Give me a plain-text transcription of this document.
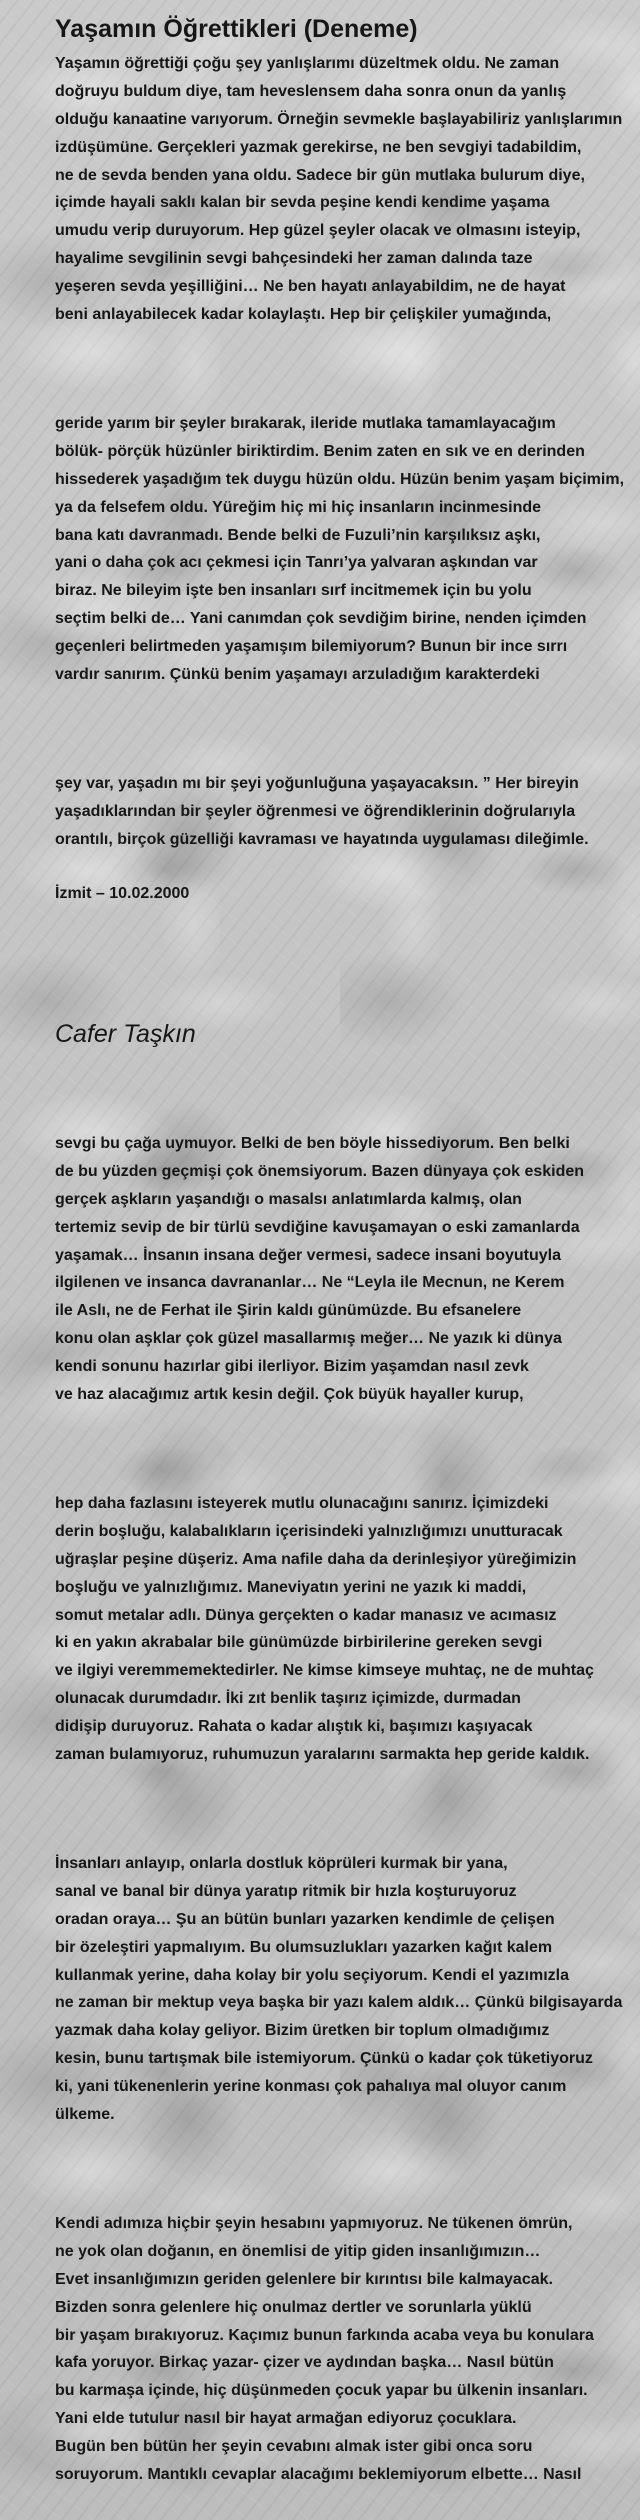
Yaşamın Öğrettikleri (Deneme)
Yaşamın öğrettiği çoğu şey yanlışlarımı düzeltmek oldu. Ne zaman
doğruyu buldum diye, tam heveslensem daha sonra onun da yanlış
olduğu kanaatine varıyorum. Örneğin sevmekle başlayabiliriz yanlışlarımın
izdüşümüne. Gerçekleri yazmak gerekirse, ne ben sevgiyi tadabildim,
ne de sevda benden yana oldu. Sadece bir gün mutlaka bulurum diye,
içimde hayali saklı kalan bir sevda peşine kendi kendime yaşama
umudu verip duruyorum. Hep güzel şeyler olacak ve olmasını isteyip,
hayalime sevgilinin sevgi bahçesindeki her zaman dalında taze
yeşeren sevda yeşilliğini… Ne ben hayatı anlayabildim, ne de hayat
beni anlayabilecek kadar kolaylaştı. Hep bir çelişkiler yumağında,
geride yarım bir şeyler bırakarak, ileride mutlaka tamamlayacağım
bölük- pörçük hüzünler biriktirdim. Benim zaten en sık ve en derinden
hissederek yaşadığım tek duygu hüzün oldu. Hüzün benim yaşam biçimim,
ya da felsefem oldu. Yüreğim hiç mi hiç insanların incinmesinde
bana katı davranmadı. Bende belki de Fuzuli’nin karşılıksız aşkı,
yani o daha çok acı çekmesi için Tanrı’ya yalvaran aşkından var
biraz. Ne bileyim işte ben insanları sırf incitmemek için bu yolu
seçtim belki de… Yani canımdan çok sevdiğim birine, nenden içimden
geçenleri belirtmeden yaşamışım bilemiyorum? Bunun bir ince sırrı
vardır sanırım. Çünkü benim yaşamayı arzuladığım karakterdeki
şey var, yaşadın mı bir şeyi yoğunluğuna yaşayacaksın. ” Her bireyin
yaşadıklarından bir şeyler öğrenmesi ve öğrendiklerinin doğrularıyla
orantılı, birçok güzelliği kavraması ve hayatında uygulaması dileğimle.
İzmit – 10.02.2000
Cafer Taşkın
sevgi bu çağa uymuyor. Belki de ben böyle hissediyorum. Ben belki
de bu yüzden geçmişi çok önemsiyorum. Bazen dünyaya çok eskiden
gerçek aşkların yaşandığı o masalsı anlatımlarda kalmış, olan
tertemiz sevip de bir türlü sevdiğine kavuşamayan o eski zamanlarda
yaşamak… İnsanın insana değer vermesi, sadece insani boyutuyla
ilgilenen ve insanca davrananlar… Ne “Leyla ile Mecnun, ne Kerem
ile Aslı, ne de Ferhat ile Şirin kaldı günümüzde. Bu efsanelere
konu olan aşklar çok güzel masallarmış meğer… Ne yazık ki dünya
kendi sonunu hazırlar gibi ilerliyor. Bizim yaşamdan nasıl zevk
ve haz alacağımız artık kesin değil. Çok büyük hayaller kurup,
hep daha fazlasını isteyerek mutlu olunacağını sanırız. İçimizdeki
derin boşluğu, kalabalıkların içerisindeki yalnızlığımızı unutturacak
uğraşlar peşine düşeriz. Ama nafile daha da derinleşiyor yüreğimizin
boşluğu ve yalnızlığımız. Maneviyatın yerini ne yazık ki maddi,
somut metalar adlı. Dünya gerçekten o kadar manasız ve acımasız
ki en yakın akrabalar bile günümüzde birbirilerine gereken sevgi
ve ilgiyi veremmemektedirler. Ne kimse kimseye muhtaç, ne de muhtaç
olunacak durumdadır. İki zıt benlik taşırız içimizde, durmadan
didişip duruyoruz. Rahata o kadar alıştık ki, başımızı kaşıyacak
zaman bulamıyoruz, ruhumuzun yaralarını sarmakta hep geride kaldık.
İnsanları anlayıp, onlarla dostluk köprüleri kurmak bir yana,
sanal ve banal bir dünya yaratıp ritmik bir hızla koşturuyoruz
oradan oraya… Şu an bütün bunları yazarken kendimle de çelişen
bir özeleştiri yapmalıyım. Bu olumsuzlukları yazarken kağıt kalem
kullanmak yerine, daha kolay bir yolu seçiyorum. Kendi el yazımızla
ne zaman bir mektup veya başka bir yazı kalem aldık… Çünkü bilgisayarda
yazmak daha kolay geliyor. Bizim üretken bir toplum olmadığımız
kesin, bunu tartışmak bile istemiyorum. Çünkü o kadar çok tüketiyoruz
ki, yani tükenenlerin yerine konması çok pahalıya mal oluyor canım
ülkeme.
Kendi adımıza hiçbir şeyin hesabını yapmıyoruz. Ne tükenen ömrün,
ne yok olan doğanın, en önemlisi de yitip giden insanlığımızın…
Evet insanlığımızın geriden gelenlere bir kırıntısı bile kalmayacak.
Bizden sonra gelenlere hiç onulmaz dertler ve sorunlarla yüklü
bir yaşam bırakıyoruz. Kaçımız bunun farkında acaba veya bu konulara
kafa yoruyor. Birkaç yazar- çizer ve aydından başka… Nasıl bütün
bu karmaşa içinde, hiç düşünmeden çocuk yapar bu ülkenin insanları.
Yani elde tutulur nasıl bir hayat armağan ediyoruz çocuklara.
Bugün ben bütün her şeyin cevabını almak ister gibi onca soru
soruyorum. Mantıklı cevaplar alacağımı beklemiyorum elbette… Nasıl
